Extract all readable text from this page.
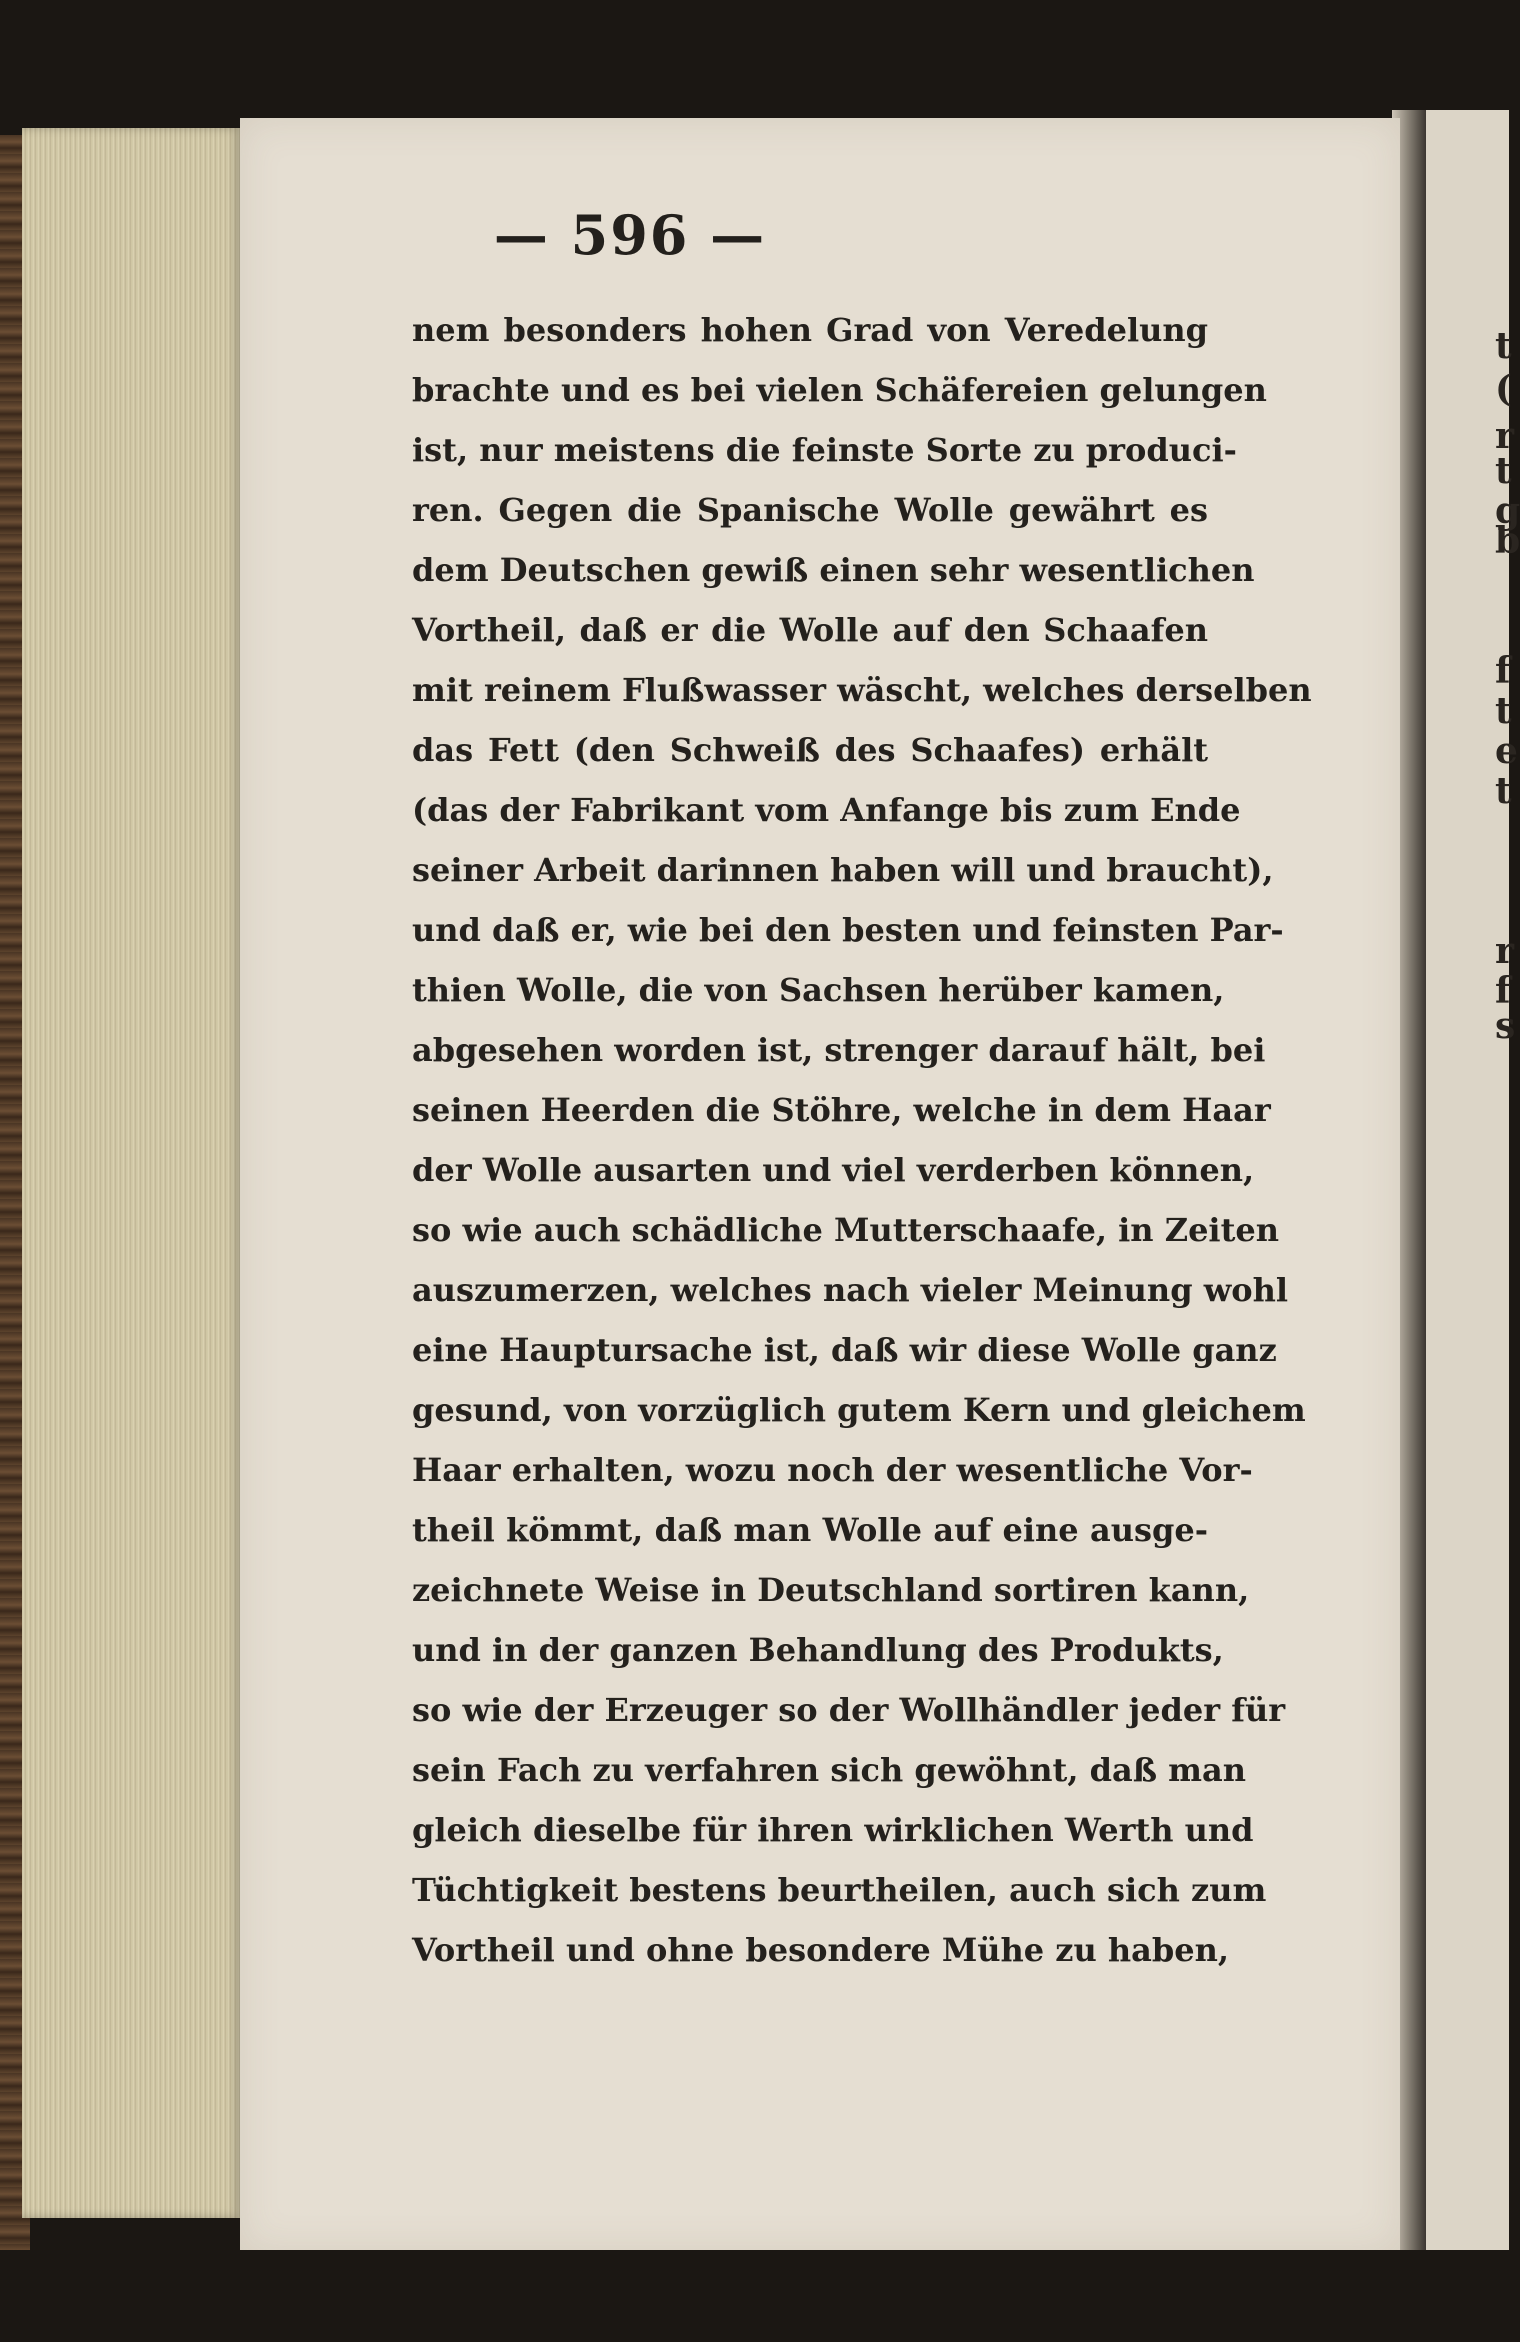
t
(
r
t
g
b
f
t
e
t
r
f
s
— 596 —
nem besonders hohen Grad von Veredelung
brachte und es bei vielen Schäfereien gelungen
ist, nur meistens die feinste Sorte zu produci-
ren. Gegen die Spanische Wolle gewährt es
dem Deutschen gewiß einen sehr wesentlichen
Vortheil, daß er die Wolle auf den Schaafen
mit reinem Flußwasser wäscht, welches derselben
das Fett (den Schweiß des Schaafes) erhält
(das der Fabrikant vom Anfange bis zum Ende
seiner Arbeit darinnen haben will und braucht),
und daß er, wie bei den besten und feinsten Par-
thien Wolle, die von Sachsen herüber kamen,
abgesehen worden ist, strenger darauf hält, bei
seinen Heerden die Stöhre, welche in dem Haar
der Wolle ausarten und viel verderben können,
so wie auch schädliche Mutterschaafe, in Zeiten
auszumerzen, welches nach vieler Meinung wohl
eine Hauptursache ist, daß wir diese Wolle ganz
gesund, von vorzüglich gutem Kern und gleichem
Haar erhalten, wozu noch der wesentliche Vor-
theil kömmt, daß man Wolle auf eine ausge-
zeichnete Weise in Deutschland sortiren kann,
und in der ganzen Behandlung des Produkts,
so wie der Erzeuger so der Wollhändler jeder für
sein Fach zu verfahren sich gewöhnt, daß man
gleich dieselbe für ihren wirklichen Werth und
Tüchtigkeit bestens beurtheilen, auch sich zum
Vortheil und ohne besondere Mühe zu haben,
